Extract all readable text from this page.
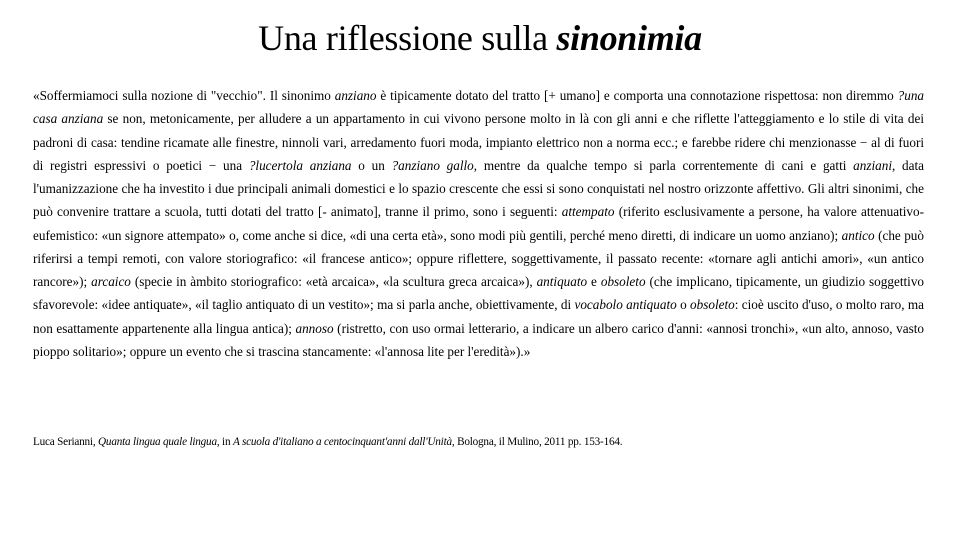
Una riflessione sulla sinonimia

«Soffermiamoci sulla nozione di "vecchio". Il sinonimo anziano è tipicamente dotato del tratto [+ umano] e comporta una connotazione rispettosa: non diremmo ?una casa anziana se non, metonicamente, per alludere a un appartamento in cui vivono persone molto in là con gli anni e che riflette l'atteggiamento e lo stile di vita dei padroni di casa: tendine ricamate alle finestre, ninnoli vari, arredamento fuori moda, impianto elettrico non a norma ecc.; e farebbe ridere chi menzionasse − al di fuori di registri espressivi o poetici − una ?lucertola anziana o un ?anziano gallo, mentre da qualche tempo si parla correntemente di cani e gatti anziani, data l'umanizzazione che ha investito i due principali animali domestici e lo spazio crescente che essi si sono conquistati nel nostro orizzonte affettivo. Gli altri sinonimi, che può convenire trattare a scuola, tutti dotati del tratto [- animato], tranne il primo, sono i seguenti: attempato (riferito esclusivamente a persone, ha valore attenuativo-eufemistico: «un signore attempato» o, come anche si dice, «di una certa età», sono modi più gentili, perché meno diretti, di indicare un uomo anziano); antico (che può riferirsi a tempi remoti, con valore storiografico: «il francese antico»; oppure riflettere, soggettivamente, il passato recente: «tornare agli antichi amori», «un antico rancore»); arcaico (specie in àmbito storiografico: «età arcaica», «la scultura greca arcaica»), antiquato e obsoleto (che implicano, tipicamente, un giudizio soggettivo sfavorevole: «idee antiquate», «il taglio antiquato di un vestito»; ma si parla anche, obiettivamente, di vocabolo antiquato o obsoleto: cioè uscito d'uso, o molto raro, ma non esattamente appartenente alla lingua antica); annoso (ristretto, con uso ormai letterario, a indicare un albero carico d'anni: «annosi tronchi», «un alto, annoso, vasto pioppo solitario»; oppure un evento che si trascina stancamente: «l'annosa lite per l'eredità»).»

Luca Serianni, Quanta lingua quale lingua, in A scuola d'italiano a centocinquant'anni dall'Unità, Bologna, il Mulino, 2011 pp. 153-164.
